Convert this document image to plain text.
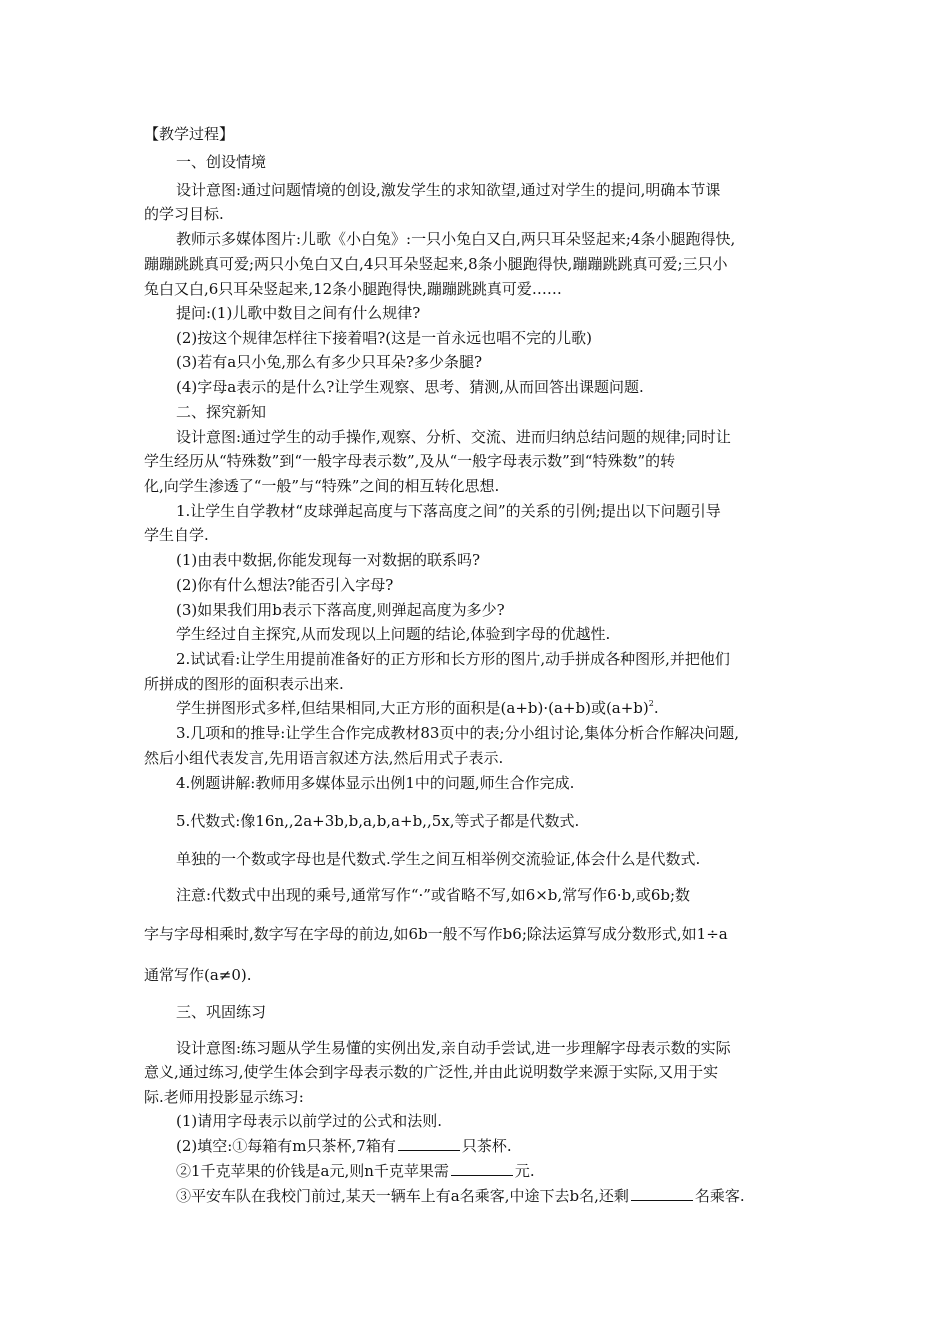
【教学过程】
一、创设情境
设计意图:通过问题情境的创设,激发学生的求知欲望,通过对学生的提问,明确本节课
的学习目标.
教师示多媒体图片:儿歌《小白兔》:一只小兔白又白,两只耳朵竖起来;4条小腿跑得快,
蹦蹦跳跳真可爱;两只小兔白又白,4只耳朵竖起来,8条小腿跑得快,蹦蹦跳跳真可爱;三只小
兔白又白,6只耳朵竖起来,12条小腿跑得快,蹦蹦跳跳真可爱……
提问:(1)儿歌中数目之间有什么规律?
(2)按这个规律怎样往下接着唱?(这是一首永远也唱不完的儿歌)
(3)若有a只小兔,那么有多少只耳朵?多少条腿?
(4)字母a表示的是什么?让学生观察、思考、猜测,从而回答出课题问题.
二、探究新知
设计意图:通过学生的动手操作,观察、分析、交流、进而归纳总结问题的规律;同时让
学生经历从“特殊数”到“一般字母表示数”,及从“一般字母表示数”到“特殊数”的转
化,向学生渗透了“一般”与“特殊”之间的相互转化思想.
1.让学生自学教材“皮球弹起高度与下落高度之间”的关系的引例;提出以下问题引导
学生自学.
(1)由表中数据,你能发现每一对数据的联系吗?
(2)你有什么想法?能否引入字母?
(3)如果我们用b表示下落高度,则弹起高度为多少?
学生经过自主探究,从而发现以上问题的结论,体验到字母的优越性.
2.试试看:让学生用提前准备好的正方形和长方形的图片,动手拼成各种图形,并把他们
所拼成的图形的面积表示出来.
学生拼图形式多样,但结果相同,大正方形的面积是(a+b)·(a+b)或$(a+b)^2$.
3.几项和的推导:让学生合作完成教材83页中的表;分小组讨论,集体分析合作解决问题,
然后小组代表发言,先用语言叙述方法,然后用式子表示.
4.例题讲解:教师用多媒体显示出例1中的问题,师生合作完成.
5.代数式:像16n,,2a+3b,b,a,b,a+b,,5x,等式子都是代数式.
单独的一个数或字母也是代数式.学生之间互相举例交流验证,体会什么是代数式.
注意:代数式中出现的乘号,通常写作“·”或省略不写,如6×b,常写作6·b,或6b;数
字与字母相乘时,数字写在字母的前边,如6b一般不写作b6;除法运算写成分数形式,如1÷a
通常写作(a≠0).
三、巩固练习
设计意图:练习题从学生易懂的实例出发,亲自动手尝试,进一步理解字母表示数的实际
意义,通过练习,使学生体会到字母表示数的广泛性,并由此说明数学来源于实际,又用于实
际.老师用投影显示练习:
(1)请用字母表示以前学过的公式和法则.
(2)填空:①每箱有m只茶杯,7箱有	只茶杯.
②1千克苹果的价钱是a元,则n千克苹果需	元.
③平安车队在我校门前过,某天一辆车上有a名乘客,中途下去b名,还剩	名乘客.
